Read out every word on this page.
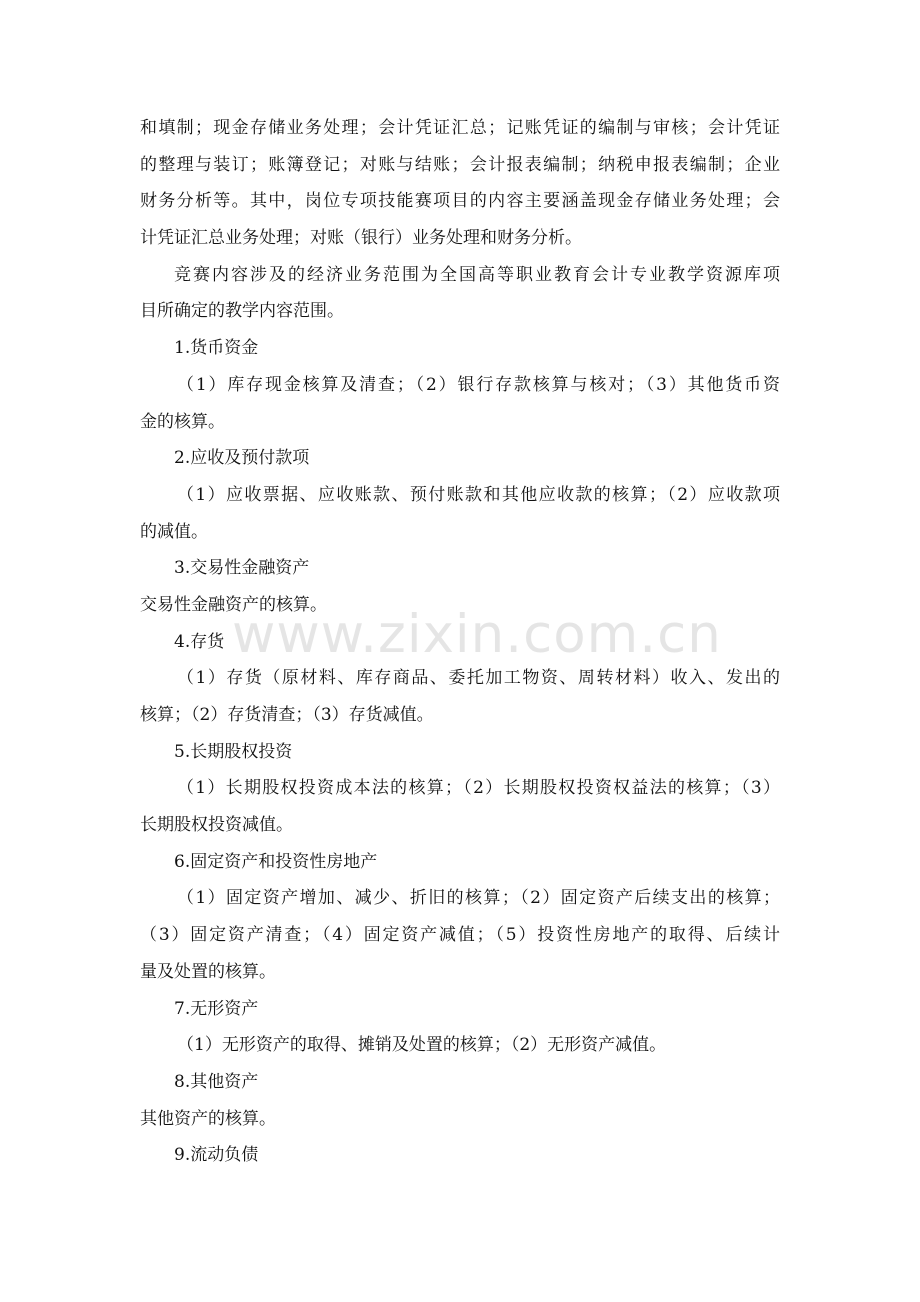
和填制；现金存储业务处理；会计凭证汇总；记账凭证的编制与审核；会计凭证
的整理与装订；账簿登记；对账与结账；会计报表编制；纳税申报表编制；企业
财务分析等。其中，岗位专项技能赛项目的内容主要涵盖现金存储业务处理；会
计凭证汇总业务处理；对账（银行）业务处理和财务分析。
竞赛内容涉及的经济业务范围为全国高等职业教育会计专业教学资源库项
目所确定的教学内容范围。
1.货币资金
（1）库存现金核算及清查；（2）银行存款核算与核对；（3）其他货币资
金的核算。
2.应收及预付款项
（1）应收票据、应收账款、预付账款和其他应收款的核算；（2）应收款项
的减值。
3.交易性金融资产
交易性金融资产的核算。
4.存货
（1）存货（原材料、库存商品、委托加工物资、周转材料）收入、发出的
核算；（2）存货清查；（3）存货减值。
5.长期股权投资
（1）长期股权投资成本法的核算；（2）长期股权投资权益法的核算；（3）
长期股权投资减值。
6.固定资产和投资性房地产
（1）固定资产增加、减少、折旧的核算；（2）固定资产后续支出的核算；
（3）固定资产清查；（4）固定资产减值；（5）投资性房地产的取得、后续计
量及处置的核算。
7.无形资产
（1）无形资产的取得、摊销及处置的核算；（2）无形资产减值。
8.其他资产
其他资产的核算。
9.流动负债
www.zixin.com.cn
